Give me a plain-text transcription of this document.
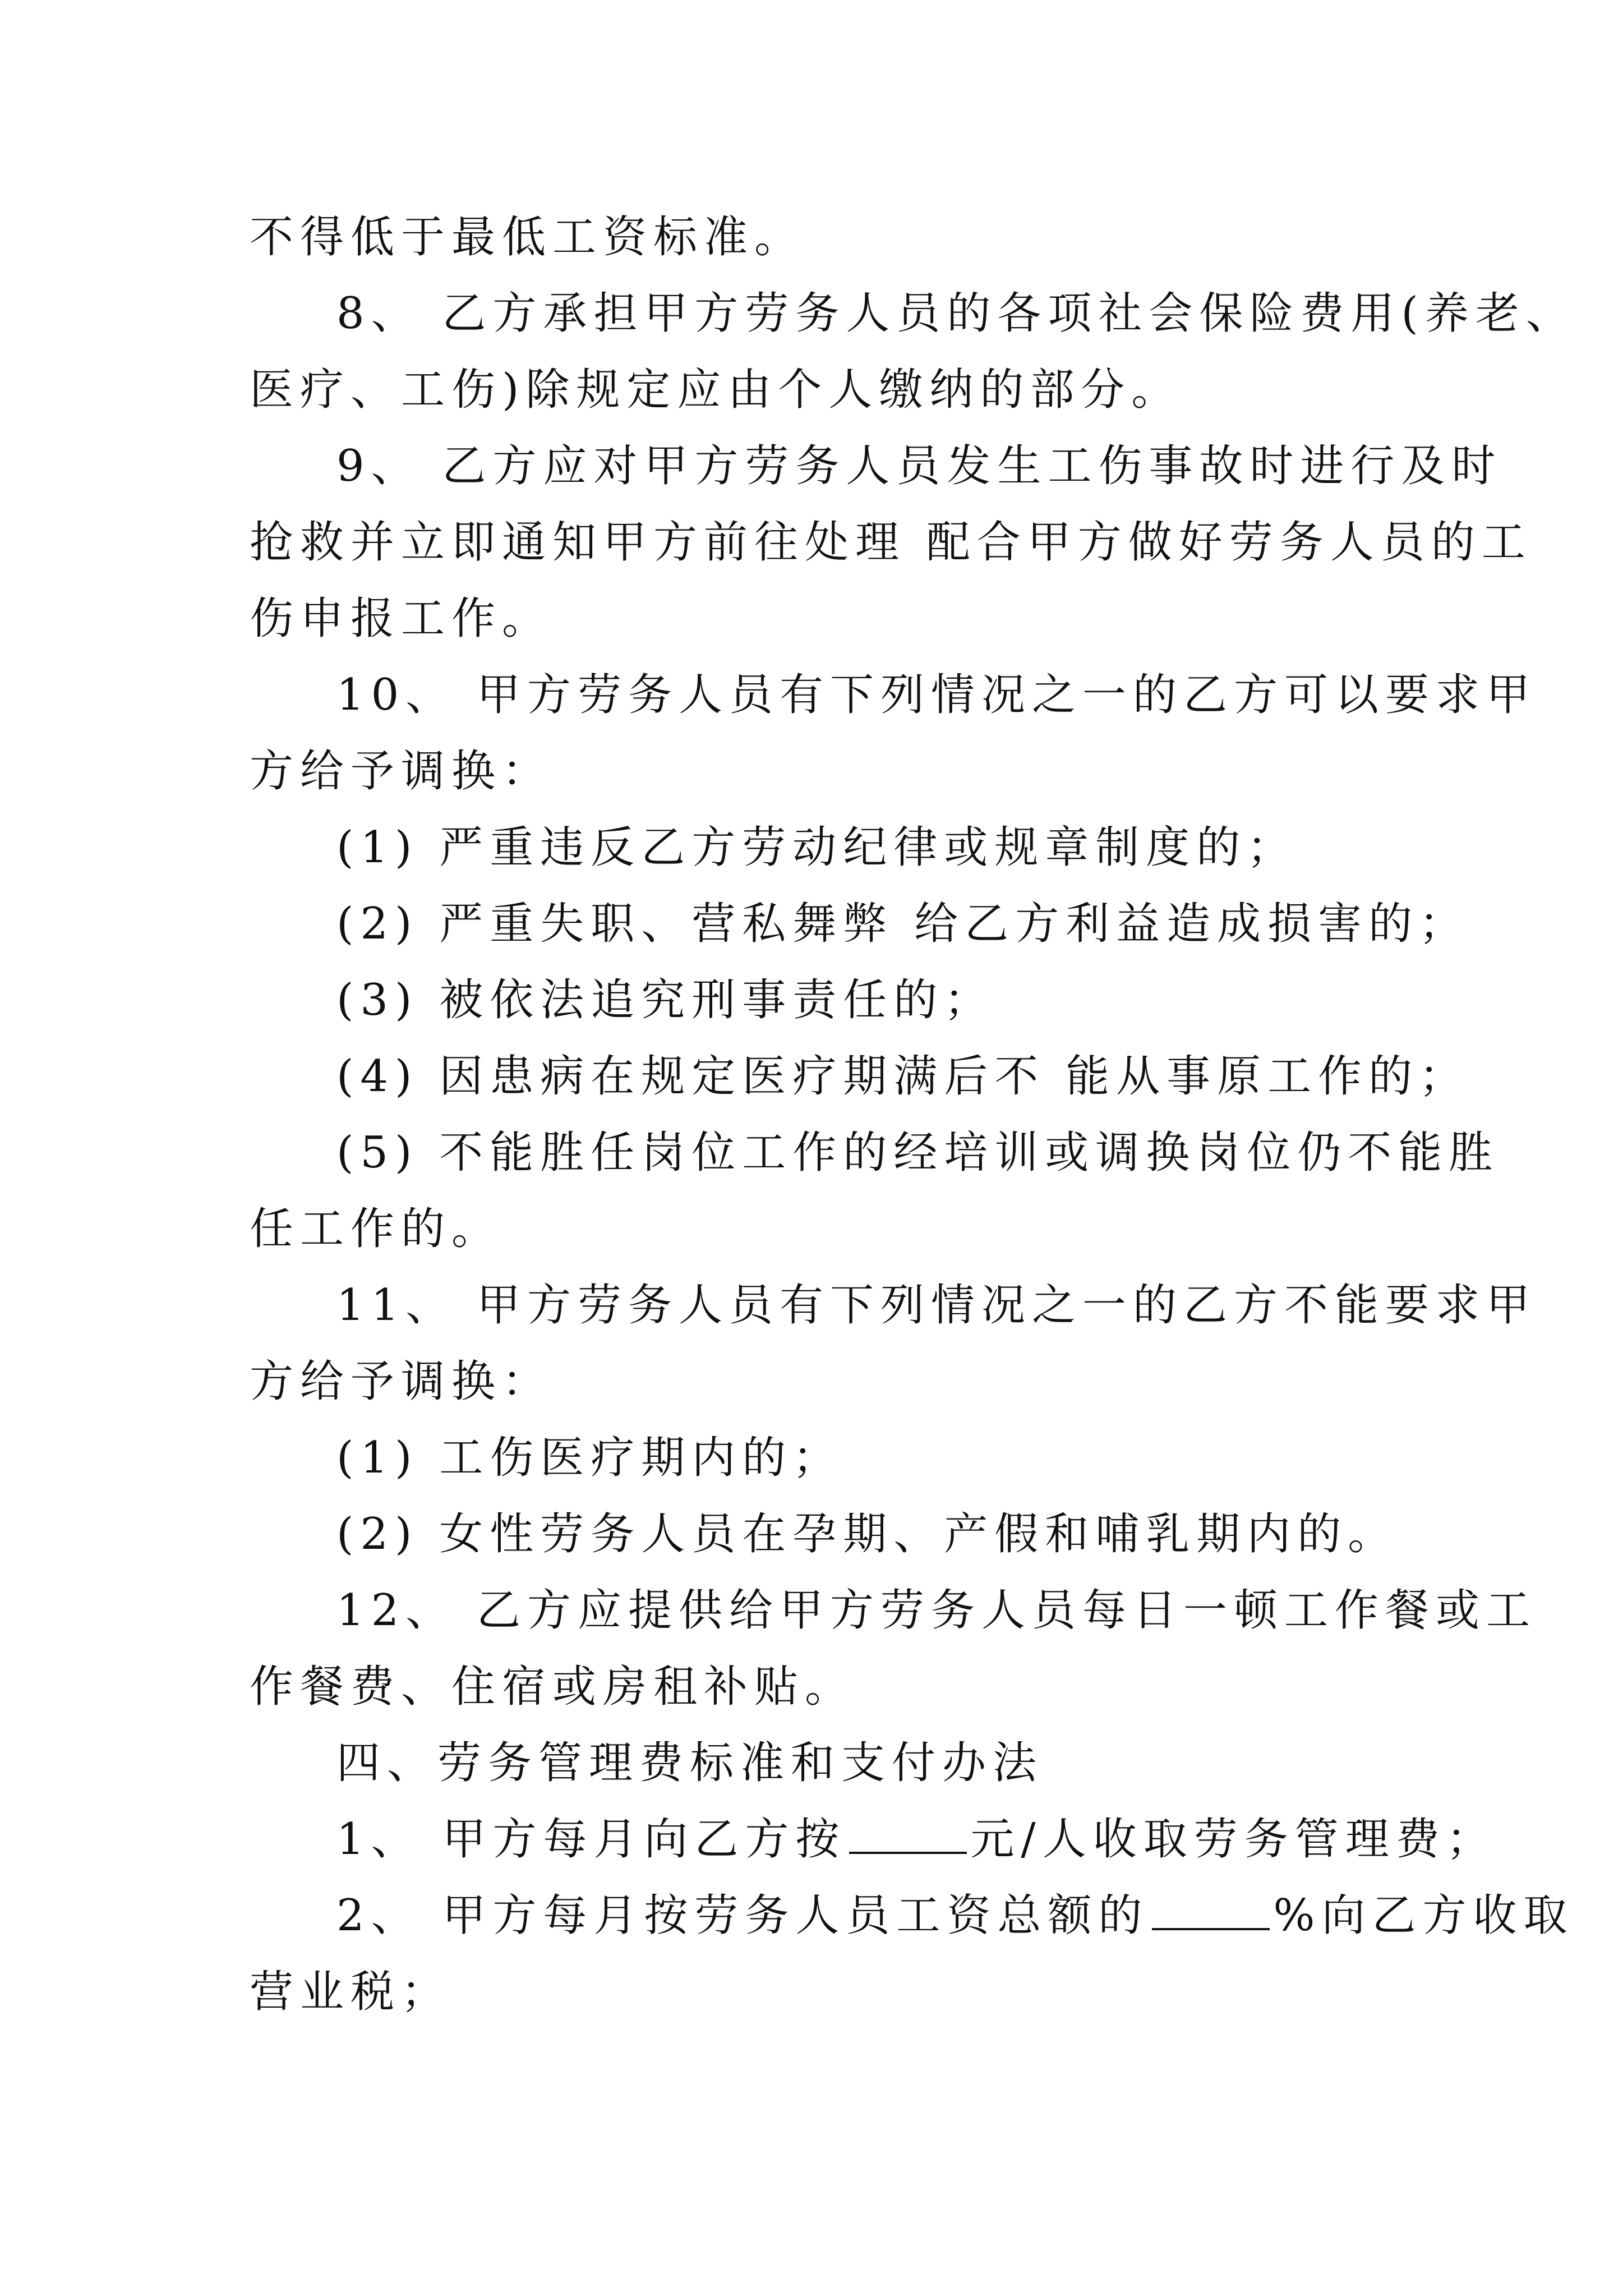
不得低于最低工资标准。
8、 乙方承担甲方劳务人员的各项社会保险费用(养老、
医疗、工伤)除规定应由个人缴纳的部分。
9、 乙方应对甲方劳务人员发生工伤事故时进行及时
抢救并立即通知甲方前往处理 配合甲方做好劳务人员的工
伤申报工作。
10、 甲方劳务人员有下列情况之一的乙方可以要求甲
方给予调换：
(1) 严重违反乙方劳动纪律或规章制度的；
(2) 严重失职、营私舞弊 给乙方利益造成损害的；
(3) 被依法追究刑事责任的；
(4) 因患病在规定医疗期满后不 能从事原工作的；
(5) 不能胜任岗位工作的经培训或调换岗位仍不能胜
任工作的。
11、 甲方劳务人员有下列情况之一的乙方不能要求甲
方给予调换：
(1) 工伤医疗期内的；
(2) 女性劳务人员在孕期、产假和哺乳期内的。
12、 乙方应提供给甲方劳务人员每日一顿工作餐或工
作餐费、住宿或房租补贴。
四、劳务管理费标准和支付办法
1、 甲方每月向乙方按	元/人收取劳务管理费；
2、 甲方每月按劳务人员工资总额的	%向乙方收取
营业税；
